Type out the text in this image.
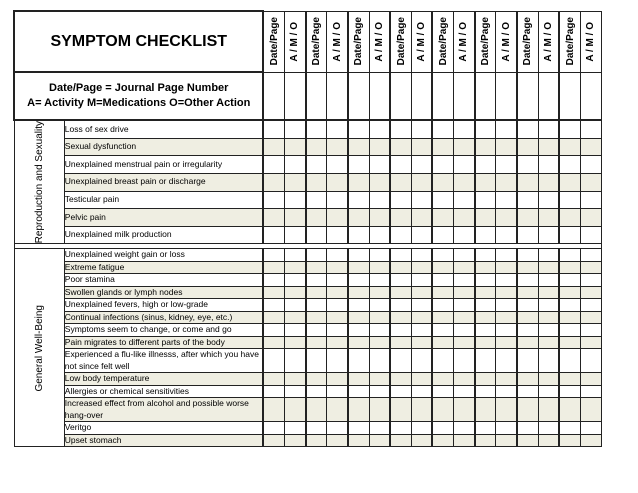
SYMPTOM CHECKLIST		Date/Page	A / M / O	Date/Page	A / M / O	Date/Page	A / M / O	Date/Page	A / M / O	Date/Page	A / M / O	Date/Page	A / M / O	Date/Page	A / M / O	Date/Page	A / M / O

Date/Page = Journal Page Number
A= Activity M=Medications O=Other Action																	

Reproduction and Sexuality	Loss of sex drive																
	Sexual dysfunction																
	Unexplained menstrual pain or irregularity																
	Unexplained breast pain or discharge																
	Testicular pain																
	Pelvic pain																
	Unexplained milk production																

General Well-Being	Unexplained weight gain or loss																
	Extreme fatigue																
	Poor stamina																
	Swollen glands or lymph nodes																
	Unexplained fevers, high or low-grade																
	Continual infections (sinus, kidney, eye, etc.)																
	Symptoms seem to change, or come and go																
	Pain migrates to different parts of the body																
	Experienced a flu-like illnesss, after which you have not since felt well																
	Low body temperature																
	Allergies or chemical sensitivities																
	Increased effect from alcohol and possible worse hang-over																
	Veritgo																
	Upset stomach																
